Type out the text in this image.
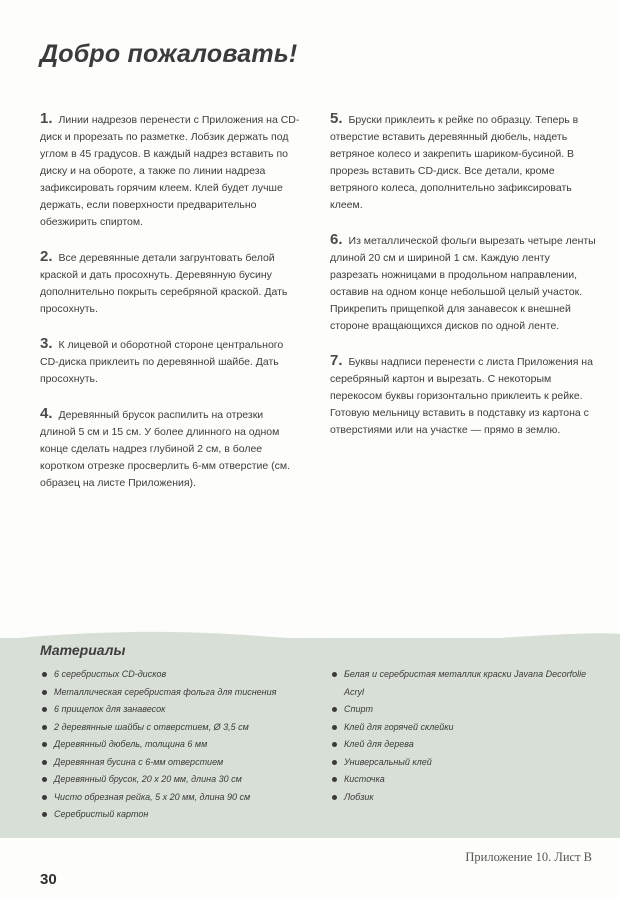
Добро пожаловать!

1. Линии надрезов перенести с Приложения на CD-диск и прорезать по разметке. Лобзик держать под углом в 45 градусов. В каждый надрез вставить по диску и на обороте, а также по линии надреза зафиксировать горячим клеем. Клей будет лучше держать, если поверхности предварительно обезжирить спиртом.

2. Все деревянные детали загрунтовать белой краской и дать просохнуть. Деревянную бусину дополнительно покрыть серебряной краской. Дать просохнуть.

3. К лицевой и оборотной стороне центрального CD-диска приклеить по деревянной шайбе. Дать просохнуть.

4. Деревянный брусок распилить на отрезки длиной 5 см и 15 см. У более длинного на одном конце сделать надрез глубиной 2 см, в более коротком отрезке просверлить 6-мм отверстие (см. образец на листе Приложения).

5. Бруски приклеить к рейке по образцу. Теперь в отверстие вставить деревянный дюбель, надеть ветряное колесо и закрепить шариком-бусиной. В прорезь вставить CD-диск. Все детали, кроме ветряного колеса, дополнительно зафиксировать клеем.

6. Из металлической фольги вырезать четыре ленты длиной 20 см и шириной 1 см. Каждую ленту разрезать ножницами в продольном направлении, оставив на одном конце небольшой целый участок. Прикрепить прищепкой для занавесок к внешней стороне вращающихся дисков по одной ленте.

7. Буквы надписи перенести с листа Приложения на серебряный картон и вырезать. С некоторым перекосом буквы горизонтально приклеить к рейке. Готовую мельницу вставить в подставку из картона с отверстиями или на участке — прямо в землю.

Материалы
6 серебристых CD-дисков
Металлическая серебристая фольга для тиснения
6 прищепок для занавесок
2 деревянные шайбы с отверстием, Ø 3,5 см
Деревянный дюбель, толщина 6 мм
Деревянная бусина с 6-мм отверстием
Деревянный брусок, 20 x 20 мм, длина 30 см
Чисто обрезная рейка, 5 x 20 мм, длина 90 см
Серебристый картон
Белая и серебристая металлик краски Javana Decorfolie Acryl
Спирт
Клей для горячей склейки
Клей для дерева
Универсальный клей
Кисточка
Лобзик
Приложение 10. Лист В
30
